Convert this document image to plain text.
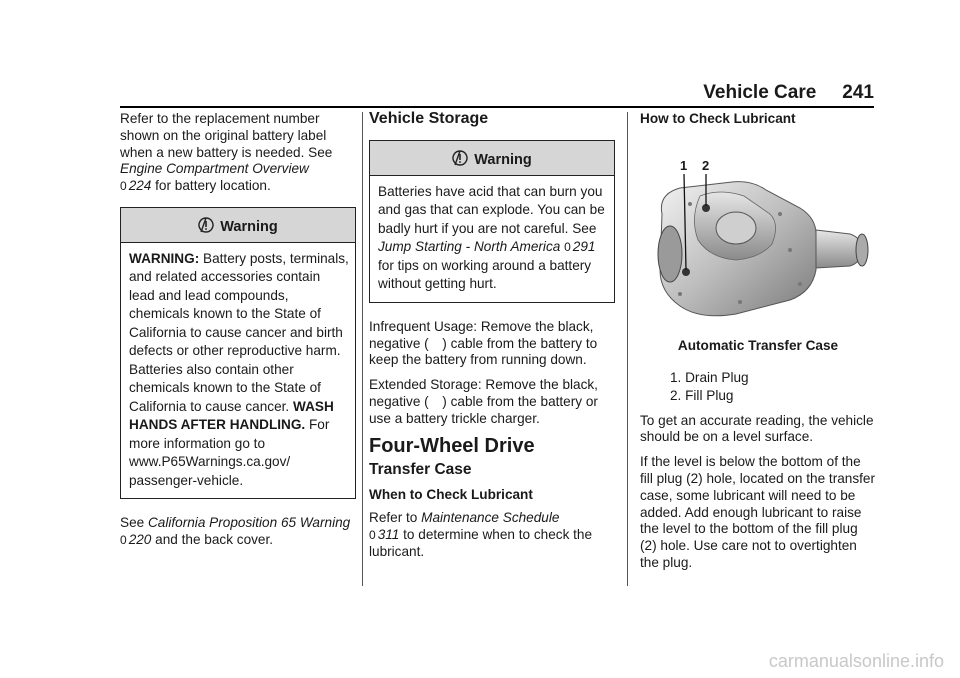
Vehicle Care 241

Refer to the replacement number shown on the original battery label when a new battery is needed. See Engine Compartment Overview
0 224 for battery location.

Warning
WARNING: Battery posts, terminals, and related accessories contain lead and lead compounds, chemicals known to the State of California to cause cancer and birth defects or other reproductive harm. Batteries also contain other chemicals known to the State of California to cause cancer. WASH HANDS AFTER HANDLING. For more information go to www.P65Warnings.ca.gov/ passenger-vehicle.

See California Proposition 65 Warning 0 220 and the back cover.

Vehicle Storage
Warning
Batteries have acid that can burn you and gas that can explode. You can be badly hurt if you are not careful. See Jump Starting - North America 0 291 for tips on working around a battery without getting hurt.

Infrequent Usage: Remove the black, negative ( ) cable from the battery to keep the battery from running down.

Extended Storage: Remove the black, negative ( ) cable from the battery or use a battery trickle charger.

Four-Wheel Drive
Transfer Case
When to Check Lubricant

Refer to Maintenance Schedule
0 311 to determine when to check the lubricant.

How to Check Lubricant
1 2
Automatic Transfer Case
1. Drain Plug
2. Fill Plug

To get an accurate reading, the vehicle should be on a level surface.

If the level is below the bottom of the fill plug (2) hole, located on the transfer case, some lubricant will need to be added. Add enough lubricant to raise the level to the bottom of the fill plug (2) hole. Use care not to overtighten the plug.

carmanualsonline.info
